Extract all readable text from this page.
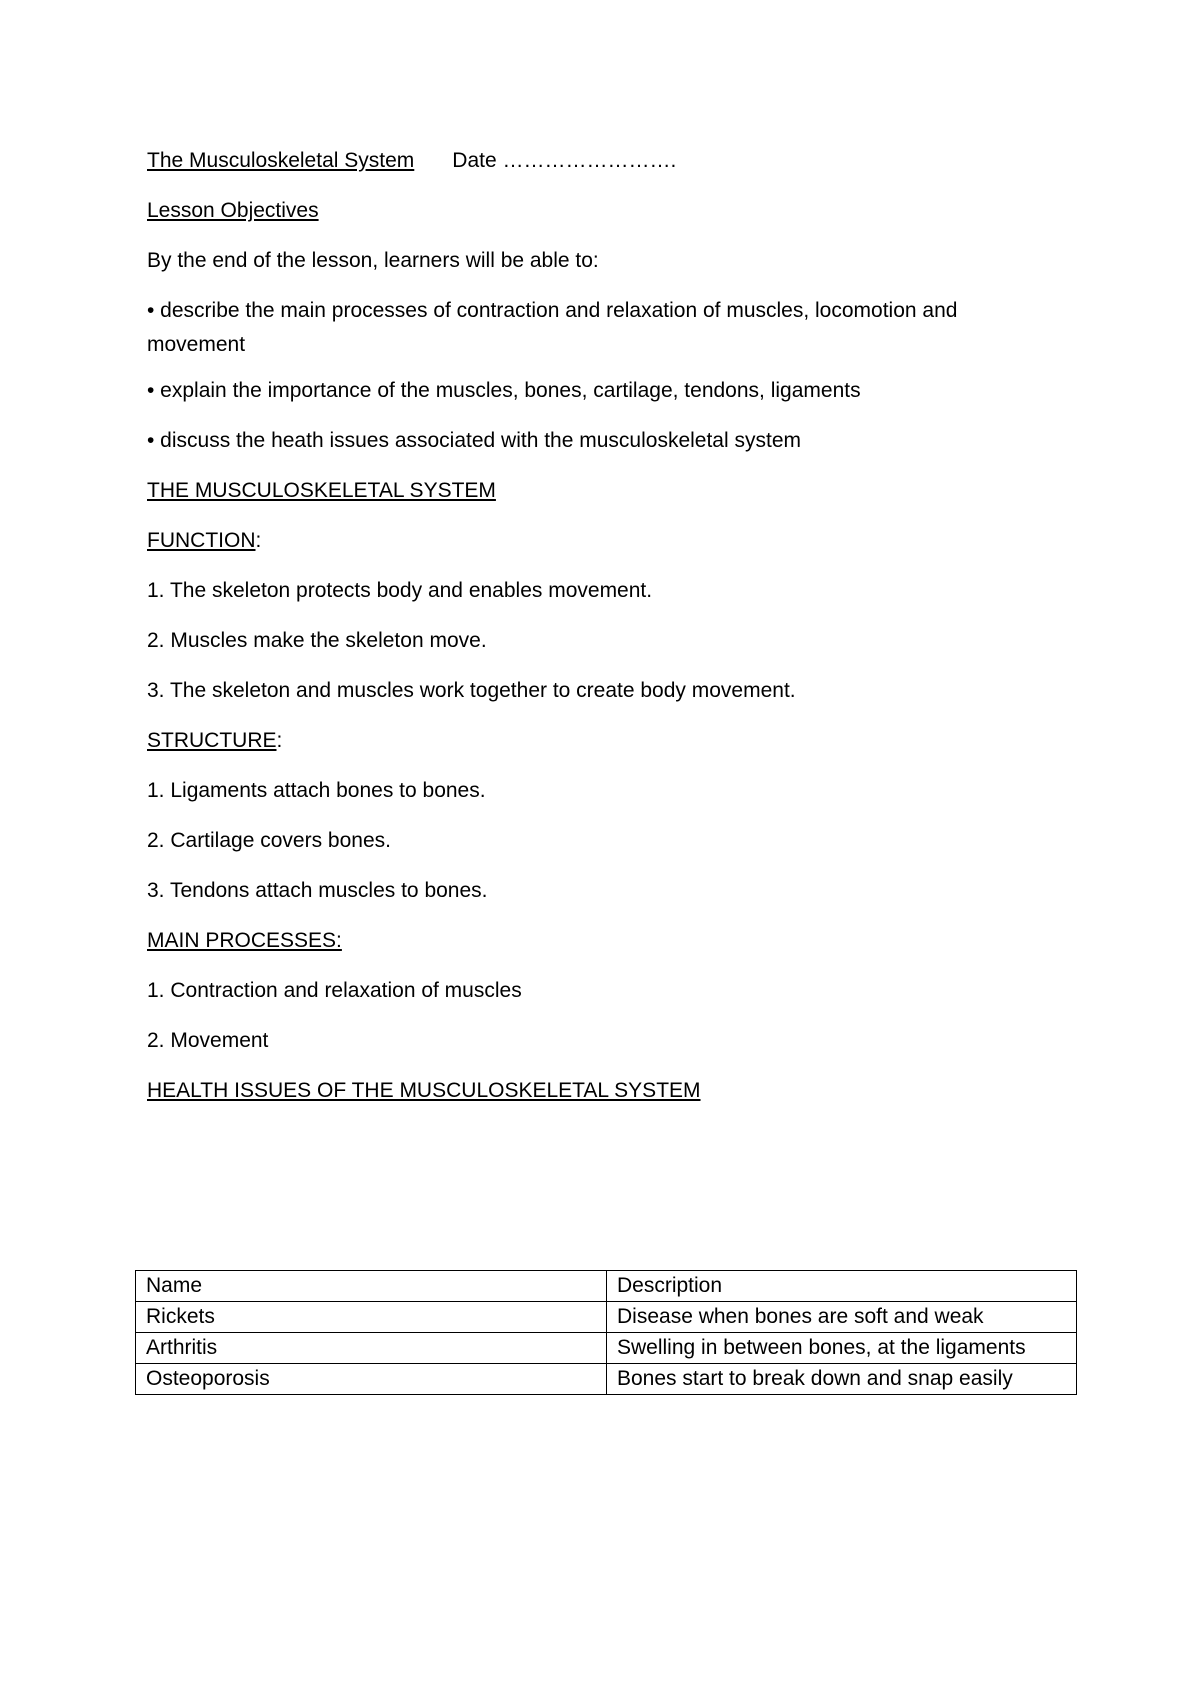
The Musculoskeletal System Date …………………….
Lesson Objectives
By the end of the lesson, learners will be able to:
• describe the main processes of contraction and relaxation of muscles, locomotion and movement
• explain the importance of the muscles, bones, cartilage, tendons, ligaments
• discuss the heath issues associated with the musculoskeletal system
THE MUSCULOSKELETAL SYSTEM
FUNCTION:
1. The skeleton protects body and enables movement.
2. Muscles make the skeleton move.
3. The skeleton and muscles work together to create body movement.
STRUCTURE:
1. Ligaments attach bones to bones.
2. Cartilage covers bones.
3. Tendons attach muscles to bones.
MAIN PROCESSES:
1. Contraction and relaxation of muscles
2. Movement
HEALTH ISSUES OF THE MUSCULOSKELETAL SYSTEM
Name	Description
Rickets	Disease when bones are soft and weak
Arthritis	Swelling in between bones, at the ligaments
Osteoporosis	Bones start to break down and snap easily
